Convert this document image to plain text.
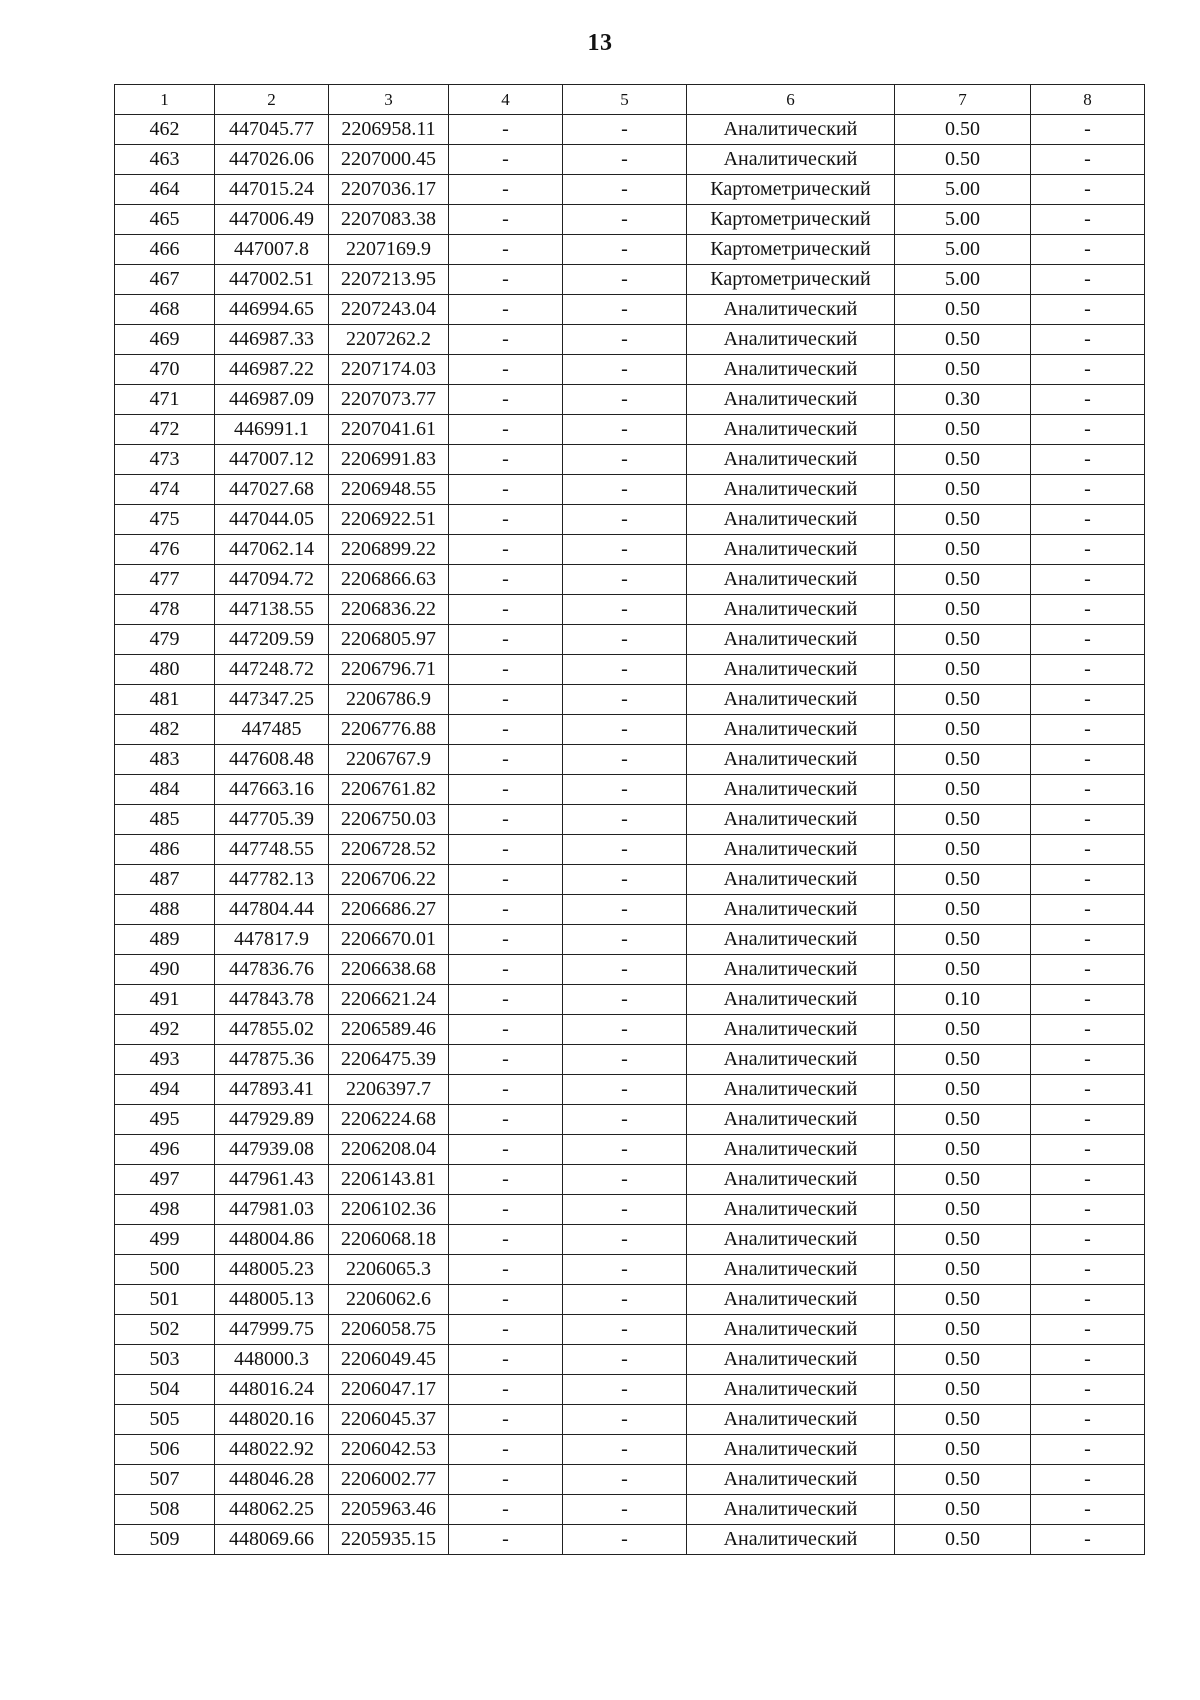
13
1	2	3	4	5	6	7	8
462	447045.77	2206958.11	-	-	Аналитический	0.50	-
463	447026.06	2207000.45	-	-	Аналитический	0.50	-
464	447015.24	2207036.17	-	-	Картометрический	5.00	-
465	447006.49	2207083.38	-	-	Картометрический	5.00	-
466	447007.8	2207169.9	-	-	Картометрический	5.00	-
467	447002.51	2207213.95	-	-	Картометрический	5.00	-
468	446994.65	2207243.04	-	-	Аналитический	0.50	-
469	446987.33	2207262.2	-	-	Аналитический	0.50	-
470	446987.22	2207174.03	-	-	Аналитический	0.50	-
471	446987.09	2207073.77	-	-	Аналитический	0.30	-
472	446991.1	2207041.61	-	-	Аналитический	0.50	-
473	447007.12	2206991.83	-	-	Аналитический	0.50	-
474	447027.68	2206948.55	-	-	Аналитический	0.50	-
475	447044.05	2206922.51	-	-	Аналитический	0.50	-
476	447062.14	2206899.22	-	-	Аналитический	0.50	-
477	447094.72	2206866.63	-	-	Аналитический	0.50	-
478	447138.55	2206836.22	-	-	Аналитический	0.50	-
479	447209.59	2206805.97	-	-	Аналитический	0.50	-
480	447248.72	2206796.71	-	-	Аналитический	0.50	-
481	447347.25	2206786.9	-	-	Аналитический	0.50	-
482	447485	2206776.88	-	-	Аналитический	0.50	-
483	447608.48	2206767.9	-	-	Аналитический	0.50	-
484	447663.16	2206761.82	-	-	Аналитический	0.50	-
485	447705.39	2206750.03	-	-	Аналитический	0.50	-
486	447748.55	2206728.52	-	-	Аналитический	0.50	-
487	447782.13	2206706.22	-	-	Аналитический	0.50	-
488	447804.44	2206686.27	-	-	Аналитический	0.50	-
489	447817.9	2206670.01	-	-	Аналитический	0.50	-
490	447836.76	2206638.68	-	-	Аналитический	0.50	-
491	447843.78	2206621.24	-	-	Аналитический	0.10	-
492	447855.02	2206589.46	-	-	Аналитический	0.50	-
493	447875.36	2206475.39	-	-	Аналитический	0.50	-
494	447893.41	2206397.7	-	-	Аналитический	0.50	-
495	447929.89	2206224.68	-	-	Аналитический	0.50	-
496	447939.08	2206208.04	-	-	Аналитический	0.50	-
497	447961.43	2206143.81	-	-	Аналитический	0.50	-
498	447981.03	2206102.36	-	-	Аналитический	0.50	-
499	448004.86	2206068.18	-	-	Аналитический	0.50	-
500	448005.23	2206065.3	-	-	Аналитический	0.50	-
501	448005.13	2206062.6	-	-	Аналитический	0.50	-
502	447999.75	2206058.75	-	-	Аналитический	0.50	-
503	448000.3	2206049.45	-	-	Аналитический	0.50	-
504	448016.24	2206047.17	-	-	Аналитический	0.50	-
505	448020.16	2206045.37	-	-	Аналитический	0.50	-
506	448022.92	2206042.53	-	-	Аналитический	0.50	-
507	448046.28	2206002.77	-	-	Аналитический	0.50	-
508	448062.25	2205963.46	-	-	Аналитический	0.50	-
509	448069.66	2205935.15	-	-	Аналитический	0.50	-
